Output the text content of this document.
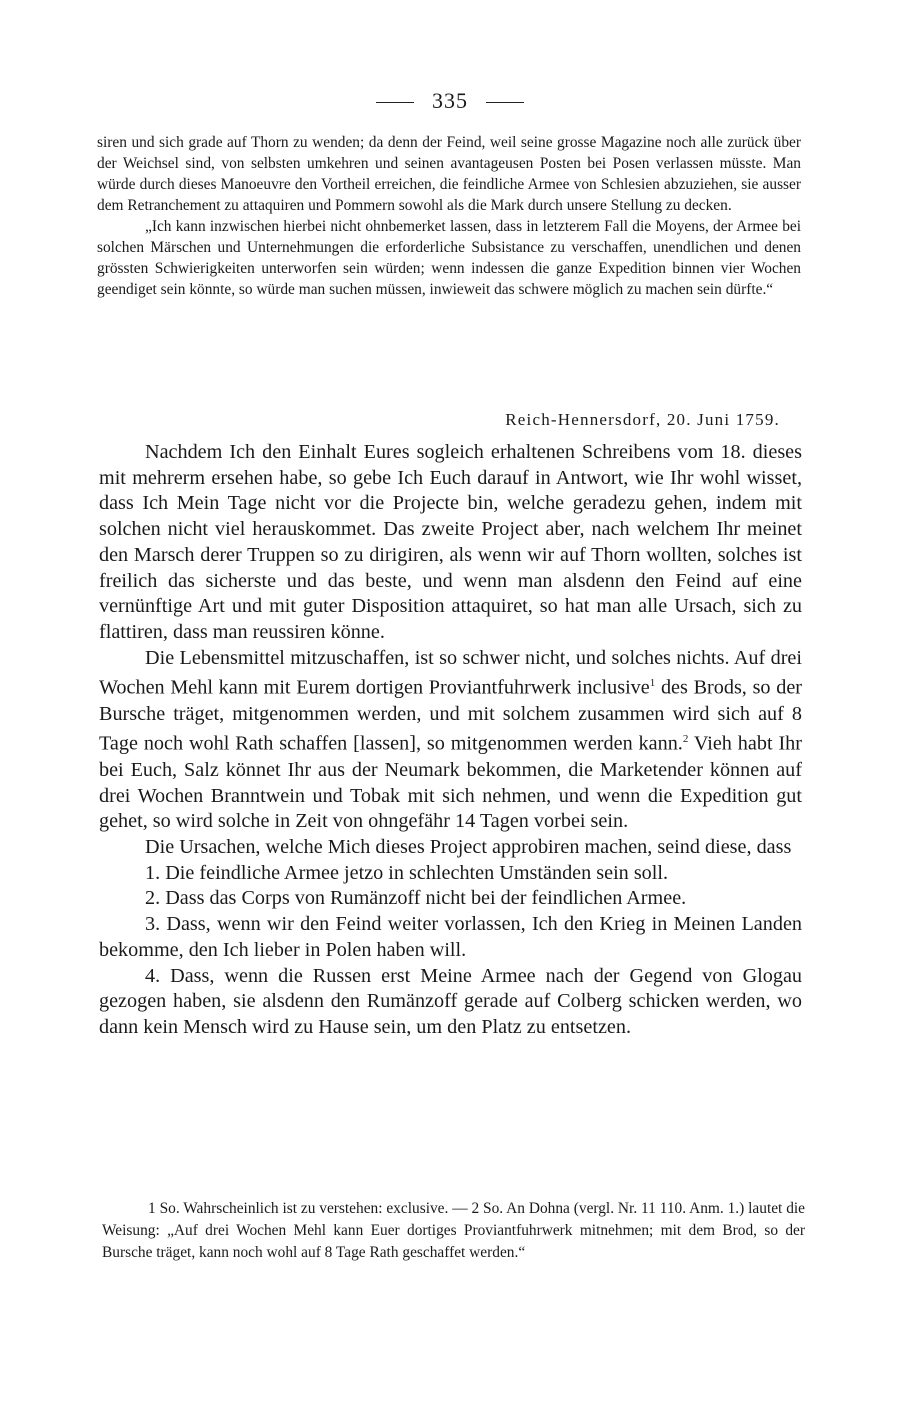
335

siren und sich grade auf Thorn zu wenden; da denn der Feind, weil seine grosse Magazine noch alle zurück über der Weichsel sind, von selbsten umkehren und seinen avantageusen Posten bei Posen verlassen müsste. Man würde durch dieses Manoeuvre den Vortheil erreichen, die feindliche Armee von Schlesien abzuziehen, sie ausser dem Retranchement zu attaquiren und Pommern sowohl als die Mark durch unsere Stellung zu decken.

„Ich kann inzwischen hierbei nicht ohnbemerket lassen, dass in letzterem Fall die Moyens, der Armee bei solchen Märschen und Unternehmungen die erforderliche Subsistance zu verschaffen, unendlichen und denen grössten Schwierigkeiten unterworfen sein würden; wenn indessen die ganze Expedition binnen vier Wochen geendiget sein könnte, so würde man suchen müssen, inwieweit das schwere möglich zu machen sein dürfte.“

Reich-Hennersdorf, 20. Juni 1759.

Nachdem Ich den Einhalt Eures sogleich erhaltenen Schreibens vom 18. dieses mit mehrerm ersehen habe, so gebe Ich Euch darauf in Antwort, wie Ihr wohl wisset, dass Ich Mein Tage nicht vor die Projecte bin, welche geradezu gehen, indem mit solchen nicht viel herauskommet. Das zweite Project aber, nach welchem Ihr meinet den Marsch derer Truppen so zu dirigiren, als wenn wir auf Thorn wollten, solches ist freilich das sicherste und das beste, und wenn man alsdenn den Feind auf eine vernünftige Art und mit guter Disposition attaquiret, so hat man alle Ursach, sich zu flattiren, dass man reussiren könne.

Die Lebensmittel mitzuschaffen, ist so schwer nicht, und solches nichts. Auf drei Wochen Mehl kann mit Eurem dortigen Proviantfuhrwerk inclusive$^1$ des Brods, so der Bursche träget, mitgenommen werden, und mit solchem zusammen wird sich auf 8 Tage noch wohl Rath schaffen [lassen], so mitgenommen werden kann.$^2$ Vieh habt Ihr bei Euch, Salz könnet Ihr aus der Neumark bekommen, die Marketender können auf drei Wochen Branntwein und Tobak mit sich nehmen, und wenn die Expedition gut gehet, so wird solche in Zeit von ohngefähr 14 Tagen vorbei sein.

Die Ursachen, welche Mich dieses Project approbiren machen, seind diese, dass

1. Die feindliche Armee jetzo in schlechten Umständen sein soll.

2. Dass das Corps von Rumänzoff nicht bei der feindlichen Armee.

3. Dass, wenn wir den Feind weiter vorlassen, Ich den Krieg in Meinen Landen bekomme, den Ich lieber in Polen haben will.

4. Dass, wenn die Russen erst Meine Armee nach der Gegend von Glogau gezogen haben, sie alsdenn den Rumänzoff gerade auf Colberg schicken werden, wo dann kein Mensch wird zu Hause sein, um den Platz zu entsetzen.

1 So. Wahrscheinlich ist zu verstehen: exclusive. — 2 So. An Dohna (vergl. Nr. 11 110. Anm. 1.) lautet die Weisung: „Auf drei Wochen Mehl kann Euer dortiges Proviantfuhrwerk mitnehmen; mit dem Brod, so der Bursche träget, kann noch wohl auf 8 Tage Rath geschaffet werden.“
